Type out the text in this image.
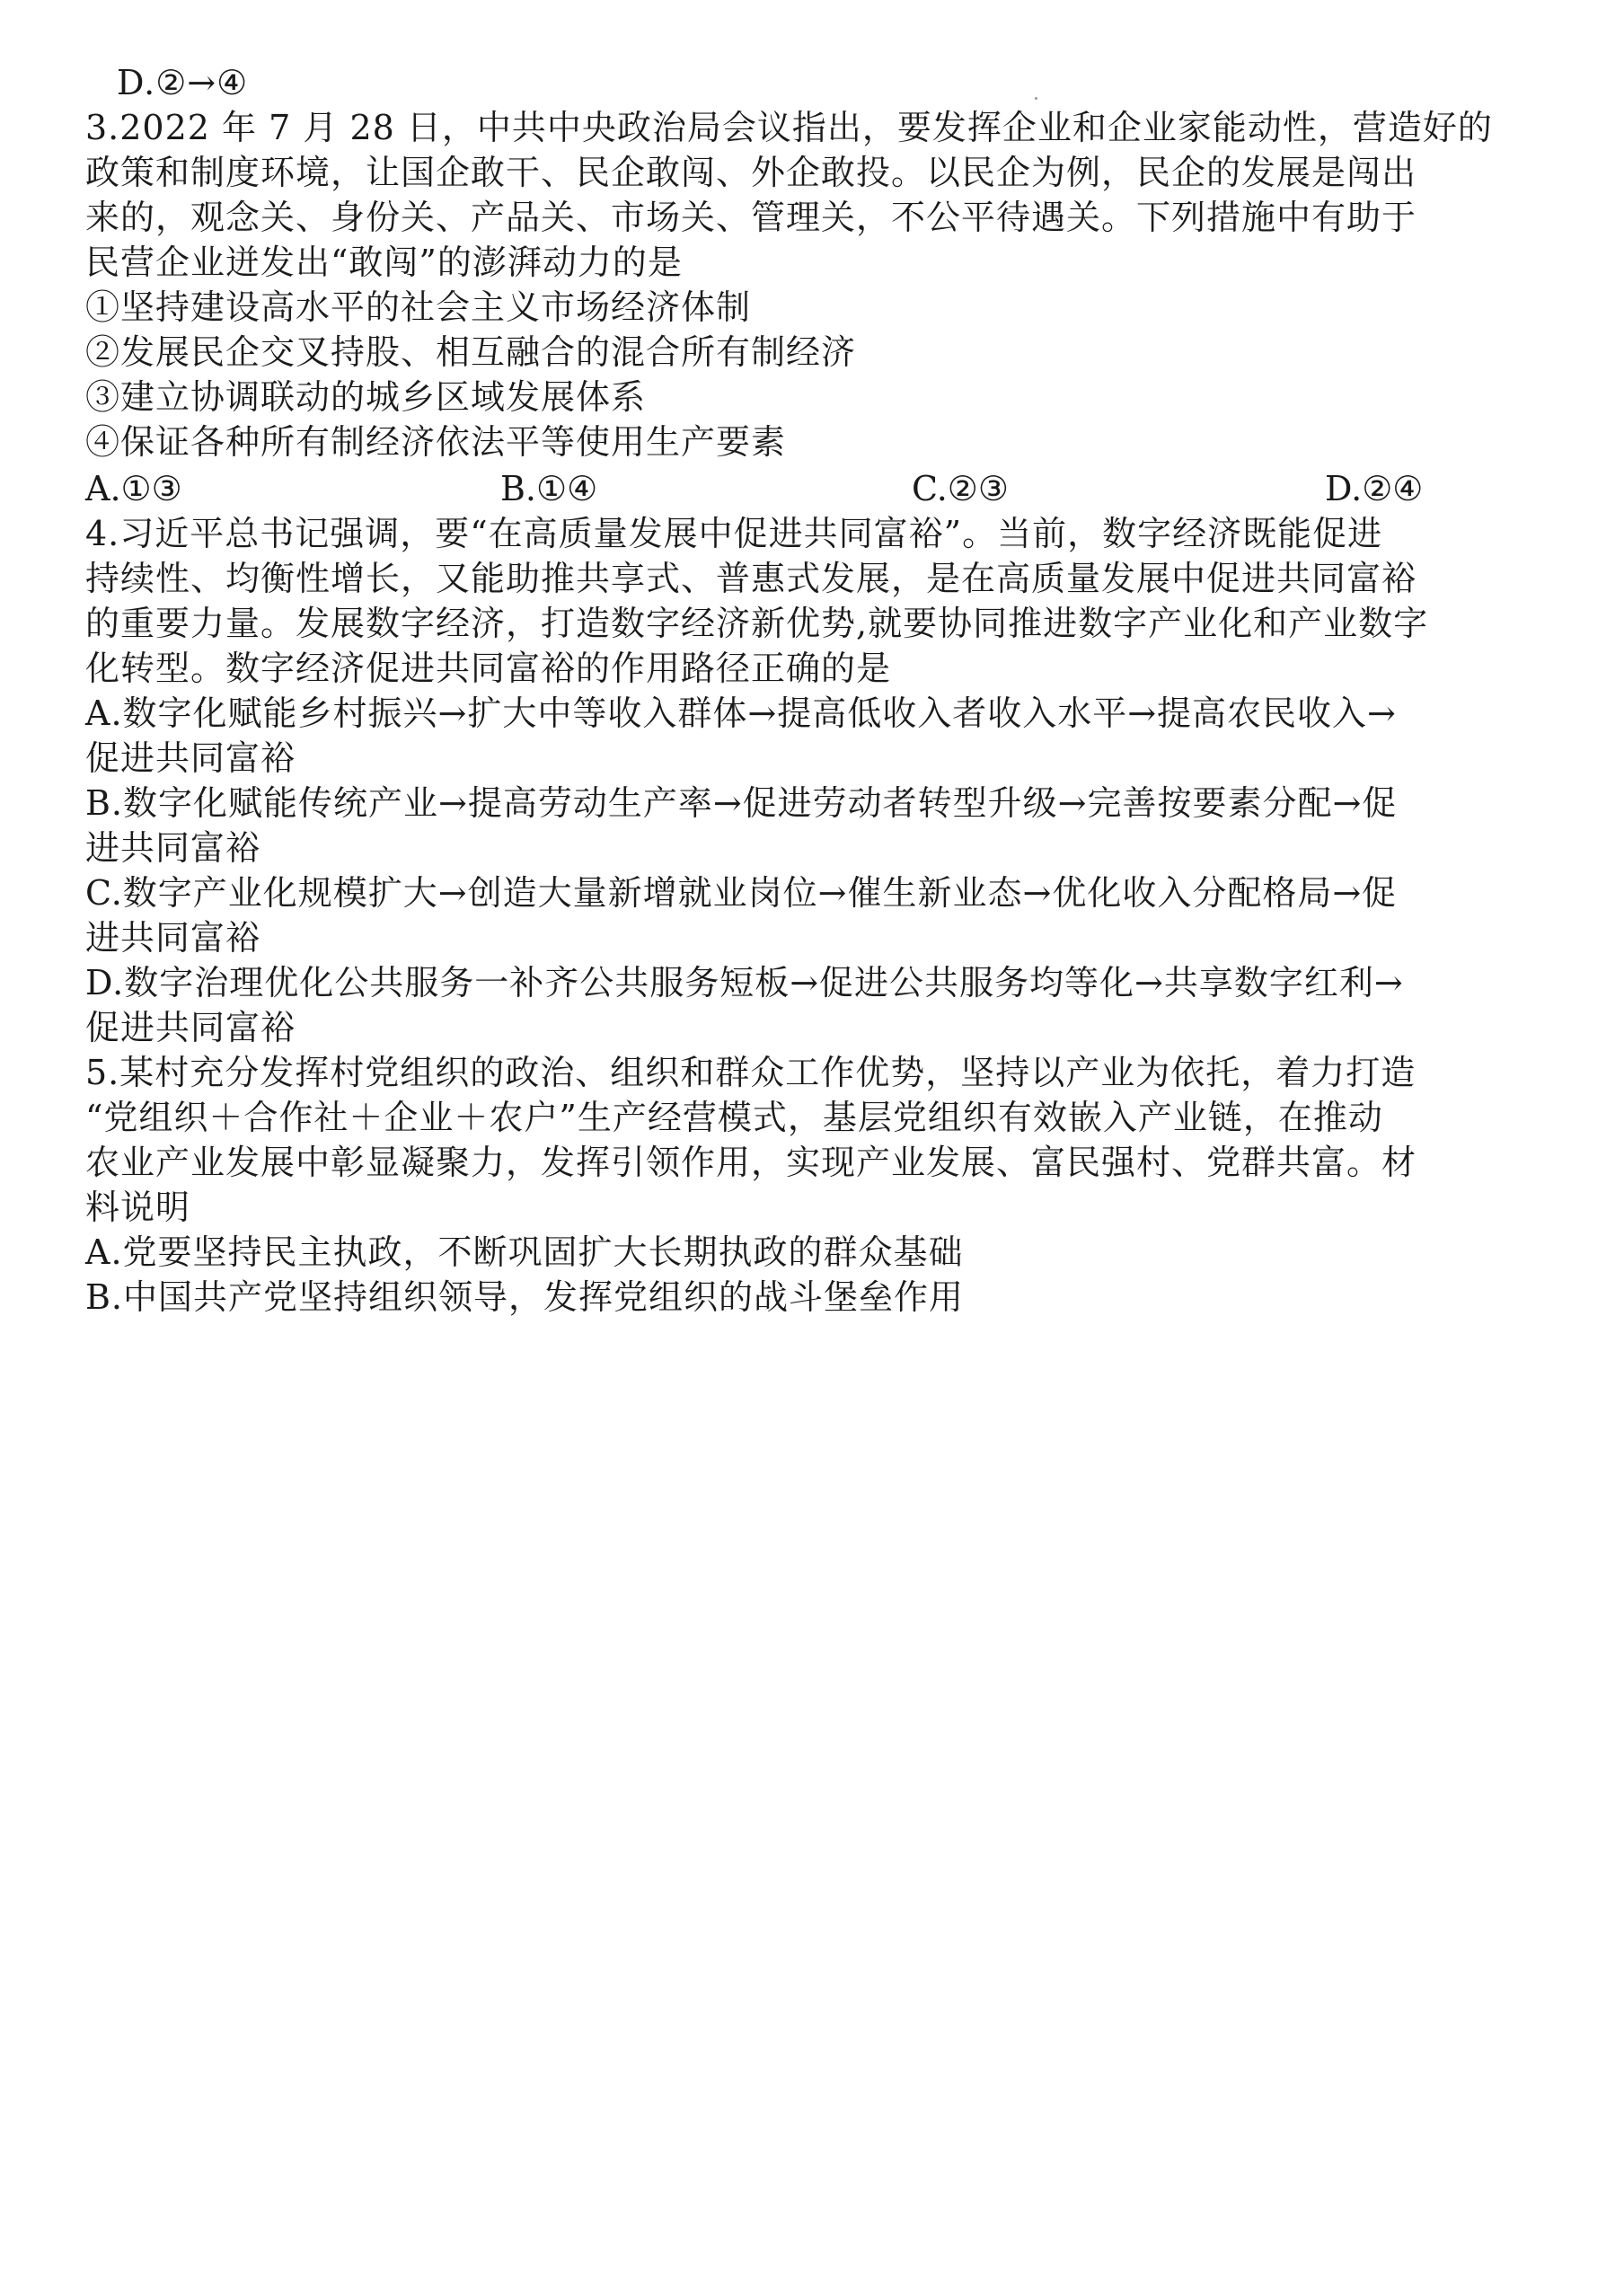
D.②→④
3.2022 年 7 月 28 日，中共中央政治局会议指出，要发挥企业和企业家能动性，营造好的
政策和制度环境，让国企敢干、民企敢闯、外企敢投。以民企为例，民企的发展是闯出
来的，观念关、身份关、产品关、市场关、管理关，不公平待遇关。下列措施中有助于
民营企业迸发出“敢闯”的澎湃动力的是
①坚持建设高水平的社会主义市场经济体制
②发展民企交叉持股、相互融合的混合所有制经济
③建立协调联动的城乡区域发展体系
④保证各种所有制经济依法平等使用生产要素
A.①③	B.①④	C.②③	D.②④
4.习近平总书记强调，要“在高质量发展中促进共同富裕”。当前，数字经济既能促进
持续性、均衡性增长，又能助推共享式、普惠式发展，是在高质量发展中促进共同富裕
的重要力量。发展数字经济，打造数字经济新优势,就要协同推进数字产业化和产业数字
化转型。数字经济促进共同富裕的作用路径正确的是
A.数字化赋能乡村振兴→扩大中等收入群体→提高低收入者收入水平→提高农民收入→
促进共同富裕
B.数字化赋能传统产业→提高劳动生产率→促进劳动者转型升级→完善按要素分配→促
进共同富裕
C.数字产业化规模扩大→创造大量新增就业岗位→催生新业态→优化收入分配格局→促
进共同富裕
D.数字治理优化公共服务一补齐公共服务短板→促进公共服务均等化→共享数字红利→
促进共同富裕
5.某村充分发挥村党组织的政治、组织和群众工作优势，坚持以产业为依托，着力打造
“党组织＋合作社＋企业＋农户”生产经营模式，基层党组织有效嵌入产业链，在推动
农业产业发展中彰显凝聚力，发挥引领作用，实现产业发展、富民强村、党群共富。材
料说明
A.党要坚持民主执政，不断巩固扩大长期执政的群众基础
B.中国共产党坚持组织领导，发挥党组织的战斗堡垒作用
